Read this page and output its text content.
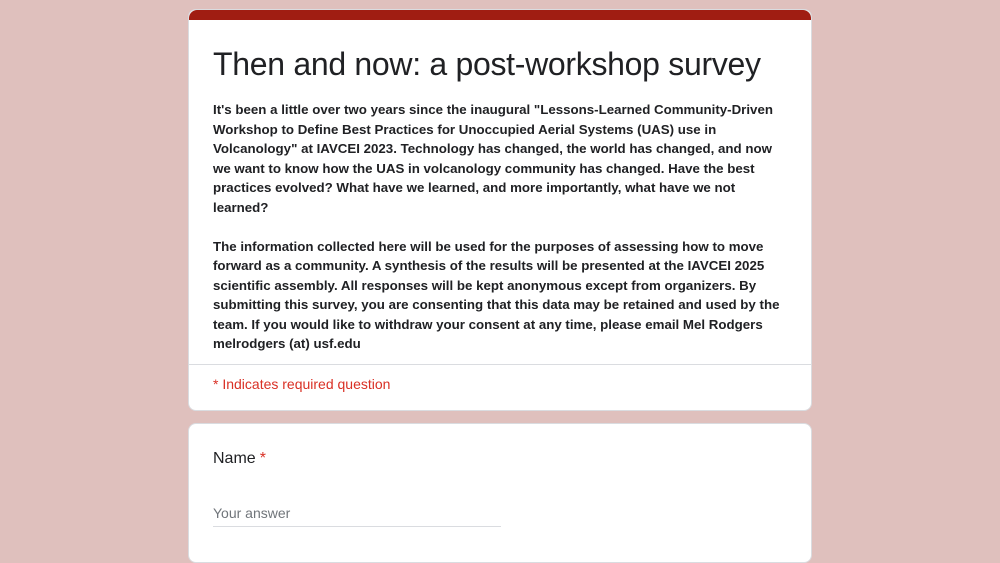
Then and now: a post-workshop survey

It's been a little over two years since the inaugural "Lessons-Learned Community-Driven Workshop to Define Best Practices for Unoccupied Aerial Systems (UAS) use in Volcanology" at IAVCEI 2023. Technology has changed, the world has changed, and now we want to know how the UAS in volcanology community has changed. Have the best practices evolved? What have we learned, and more importantly, what have we not learned?

The information collected here will be used for the purposes of assessing how to move forward as a community. A synthesis of the results will be presented at the IAVCEI 2025 scientific assembly. All responses will be kept anonymous except from organizers. By submitting this survey, you are consenting that this data may be retained and used by the team. If you would like to withdraw your consent at any time, please email Mel Rodgers melrodgers (at) usf.edu

* Indicates required question
Name *
Your answer
